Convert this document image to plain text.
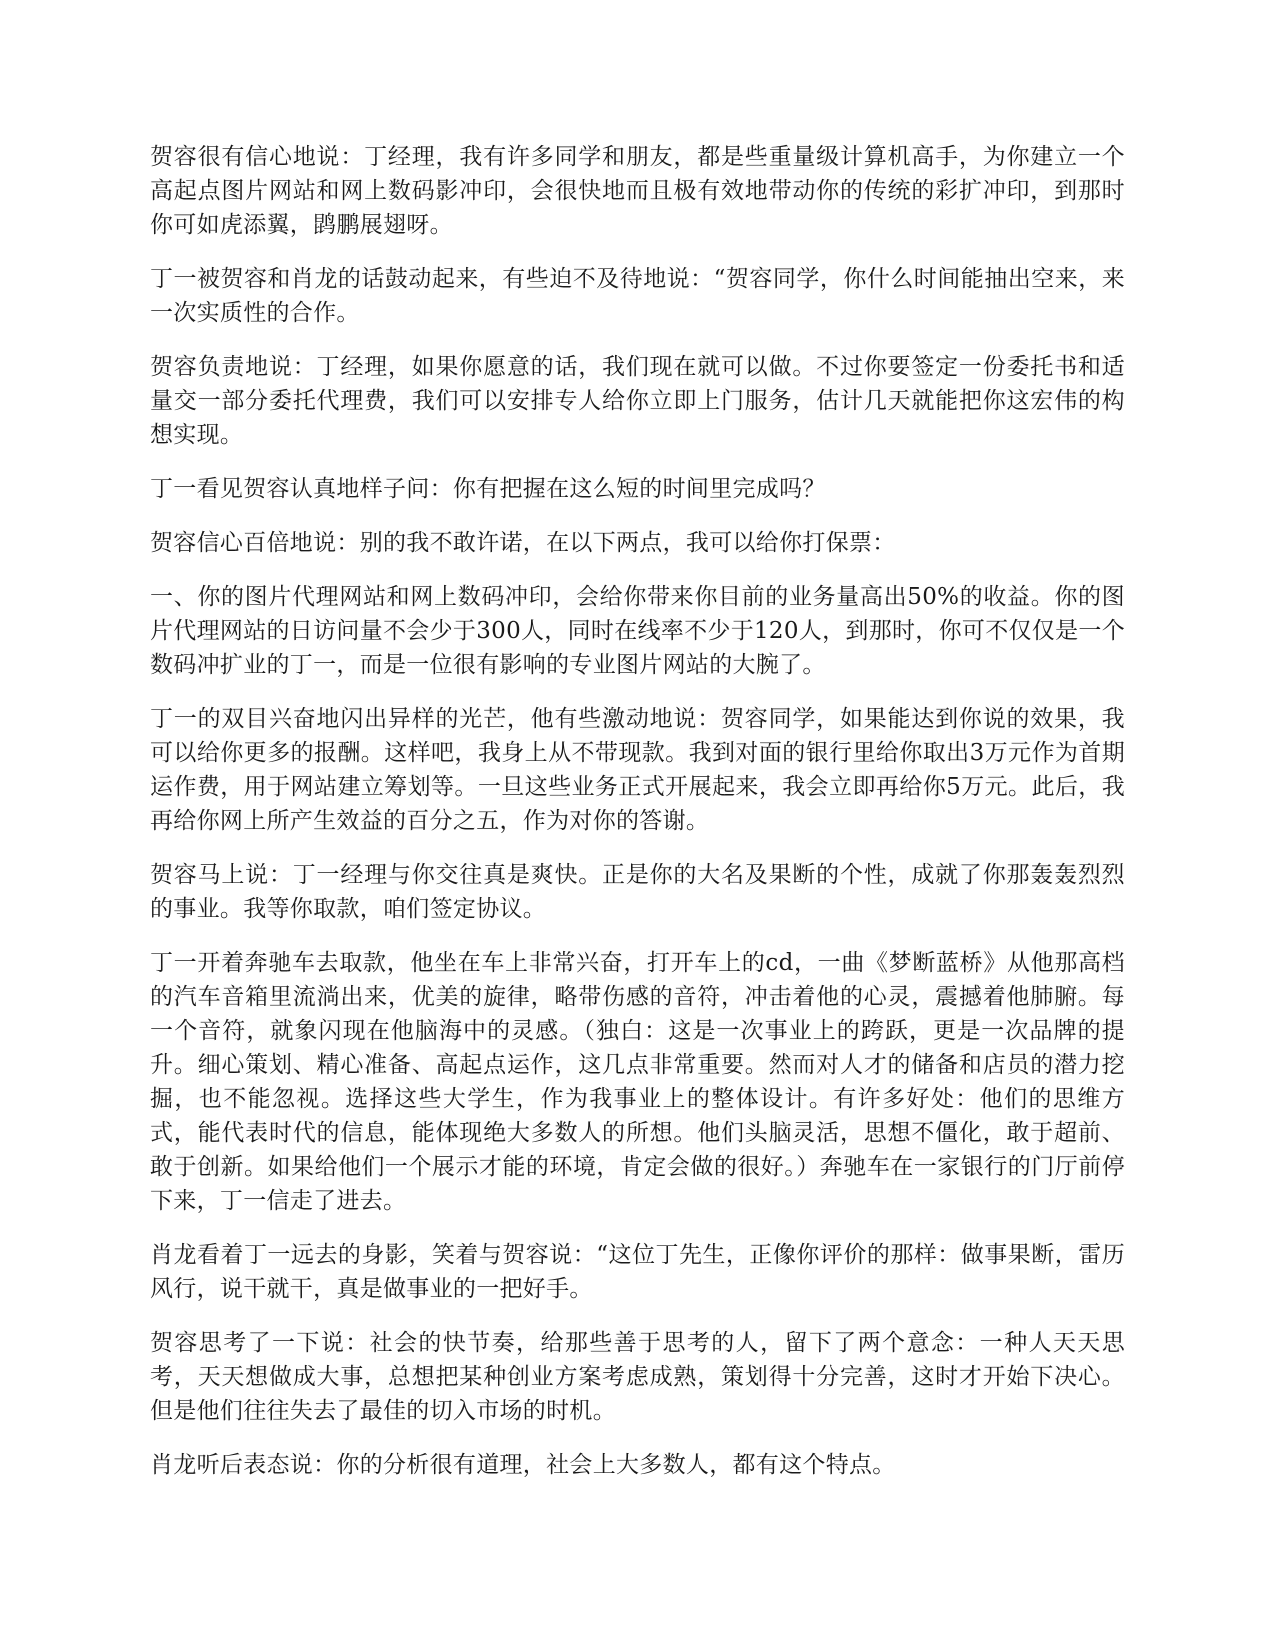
贺容很有信心地说：丁经理，我有许多同学和朋友，都是些重量级计算机高手，为你建立一个高起点图片网站和网上数码影冲印，会很快地而且极有效地带动你的传统的彩扩冲印，到那时你可如虎添翼，鹍鹏展翅呀。

丁一被贺容和肖龙的话鼓动起来，有些迫不及待地说：“贺容同学，你什么时间能抽出空来，来一次实质性的合作。

贺容负责地说：丁经理，如果你愿意的话，我们现在就可以做。不过你要签定一份委托书和适量交一部分委托代理费，我们可以安排专人给你立即上门服务，估计几天就能把你这宏伟的构想实现。

丁一看见贺容认真地样子问：你有把握在这么短的时间里完成吗？

贺容信心百倍地说：别的我不敢许诺，在以下两点，我可以给你打保票：

一、你的图片代理网站和网上数码冲印，会给你带来你目前的业务量高出50%的收益。你的图片代理网站的日访问量不会少于300人，同时在线率不少于120人，到那时，你可不仅仅是一个数码冲扩业的丁一，而是一位很有影响的专业图片网站的大腕了。

丁一的双目兴奋地闪出异样的光芒，他有些激动地说：贺容同学，如果能达到你说的效果，我可以给你更多的报酬。这样吧，我身上从不带现款。我到对面的银行里给你取出3万元作为首期运作费，用于网站建立筹划等。一旦这些业务正式开展起来，我会立即再给你5万元。此后，我再给你网上所产生效益的百分之五，作为对你的答谢。

贺容马上说：丁一经理与你交往真是爽快。正是你的大名及果断的个性，成就了你那轰轰烈烈的事业。我等你取款，咱们签定协议。

丁一开着奔驰车去取款，他坐在车上非常兴奋，打开车上的cd，一曲《梦断蓝桥》从他那高档的汽车音箱里流淌出来，优美的旋律，略带伤感的音符，冲击着他的心灵，震撼着他肺腑。每一个音符，就象闪现在他脑海中的灵感。（独白：这是一次事业上的跨跃，更是一次品牌的提升。细心策划、精心准备、高起点运作，这几点非常重要。然而对人才的储备和店员的潜力挖掘，也不能忽视。选择这些大学生，作为我事业上的整体设计。有许多好处：他们的思维方式，能代表时代的信息，能体现绝大多数人的所想。他们头脑灵活，思想不僵化，敢于超前、敢于创新。如果给他们一个展示才能的环境，肯定会做的很好。）奔驰车在一家银行的门厅前停下来，丁一信走了进去。

肖龙看着丁一远去的身影，笑着与贺容说：“这位丁先生，正像你评价的那样：做事果断，雷历风行，说干就干，真是做事业的一把好手。

贺容思考了一下说：社会的快节奏，给那些善于思考的人，留下了两个意念：一种人天天思考，天天想做成大事，总想把某种创业方案考虑成熟，策划得十分完善，这时才开始下决心。但是他们往往失去了最佳的切入市场的时机。

肖龙听后表态说：你的分析很有道理，社会上大多数人，都有这个特点。
